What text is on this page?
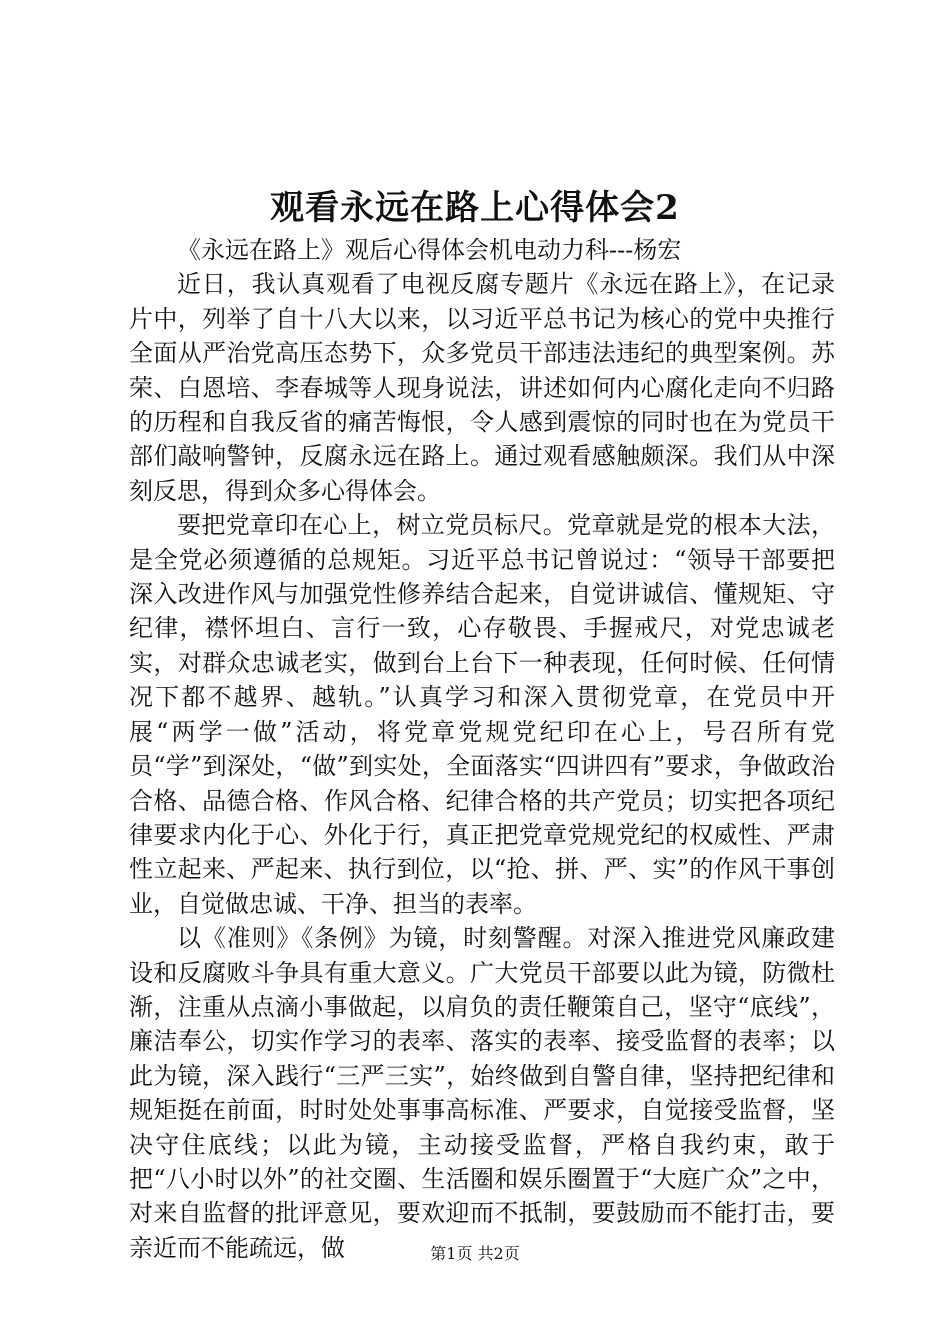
观看永远在路上心得体会2

《永远在路上》观后心得体会机电动力科---杨宏

近日，我认真观看了电视反腐专题片《永远在路上》，在记录片中，列举了自十八大以来，以习近平总书记为核心的党中央推行全面从严治党高压态势下，众多党员干部违法违纪的典型案例。苏荣、白恩培、李春城等人现身说法，讲述如何内心腐化走向不归路的历程和自我反省的痛苦悔恨，令人感到震惊的同时也在为党员干部们敲响警钟，反腐永远在路上。通过观看感触颇深。我们从中深刻反思，得到众多心得体会。

要把党章印在心上，树立党员标尺。党章就是党的根本大法，是全党必须遵循的总规矩。习近平总书记曾说过：“领导干部要把深入改进作风与加强党性修养结合起来，自觉讲诚信、懂规矩、守纪律，襟怀坦白、言行一致，心存敬畏、手握戒尺，对党忠诚老实，对群众忠诚老实，做到台上台下一种表现，任何时候、任何情况下都不越界、越轨。”认真学习和深入贯彻党章，在党员中开展“两学一做”活动，将党章党规党纪印在心上，号召所有党员“学”到深处，“做”到实处，全面落实“四讲四有”要求，争做政治合格、品德合格、作风合格、纪律合格的共产党员；切实把各项纪律要求内化于心、外化于行，真正把党章党规党纪的权威性、严肃性立起来、严起来、执行到位，以“抢、拼、严、实”的作风干事创业，自觉做忠诚、干净、担当的表率。

以《准则》《条例》为镜，时刻警醒。对深入推进党风廉政建设和反腐败斗争具有重大意义。广大党员干部要以此为镜，防微杜渐，注重从点滴小事做起，以肩负的责任鞭策自己，坚守“底线”，廉洁奉公，切实作学习的表率、落实的表率、接受监督的表率；以此为镜，深入践行“三严三实”，始终做到自警自律，坚持把纪律和规矩挺在前面，时时处处事事高标准、严要求，自觉接受监督，坚决守住底线；以此为镜，主动接受监督，严格自我约束，敢于把“八小时以外”的社交圈、生活圈和娱乐圈置于“大庭广众”之中，对来自监督的批评意见，要欢迎而不抵制，要鼓励而不能打击，要亲近而不能疏远，做	第1页 共2页
